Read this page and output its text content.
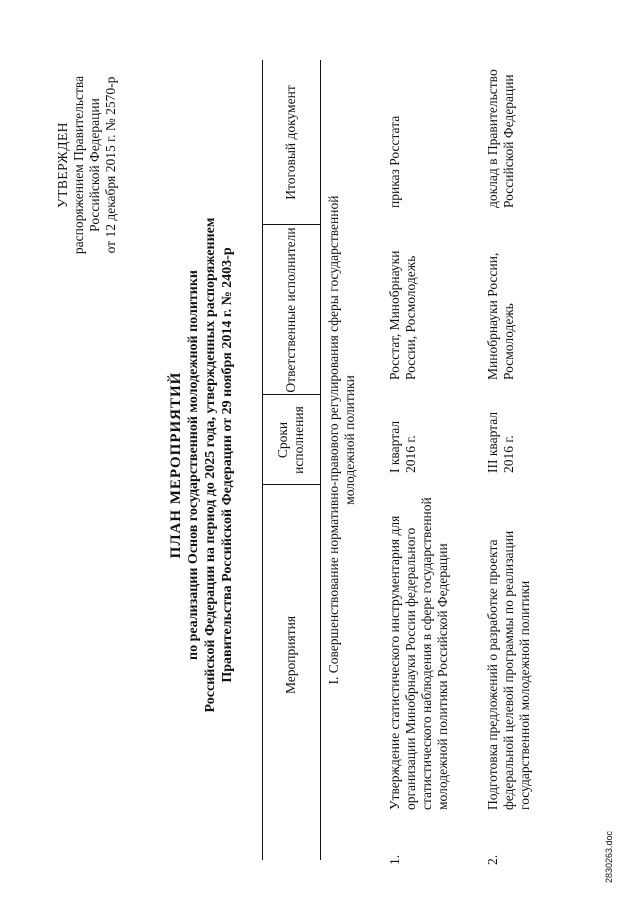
УТВЕРЖДЕН распоряжением Правительства Российской Федерации от 12 декабря 2015 г. № 2570-р
ПЛАН МЕРОПРИЯТИЙ по реализации Основ государственной молодежной политики Российской Федерации на период до 2025 года, утвержденных распоряжением Правительства Российской Федерации от 29 ноября 2014 г. № 2403-р	Мероприятия
Сроки исполнения
Ответственные исполнители
Итоговый документ
I. Совершенствование нормативно-правового регулирования сферы государственной молодежной политики
1.
Утверждение статистического инструментария для организации Минобрнауки России федерального статистического наблюдения в сфере государственной молодежной политики Российской Федерации
I квартал 2016 г.
Росстат, Минобрнауки России, Росмолодежь
приказ Росстата
2.
Подготовка предложений о разработке проекта федеральной целевой программы по реализации государственной молодежной политики
III квартал 2016 г.
Минобрнауки России, Росмолодежь
доклад в Правительство Российской Федерации
2830263.doc
